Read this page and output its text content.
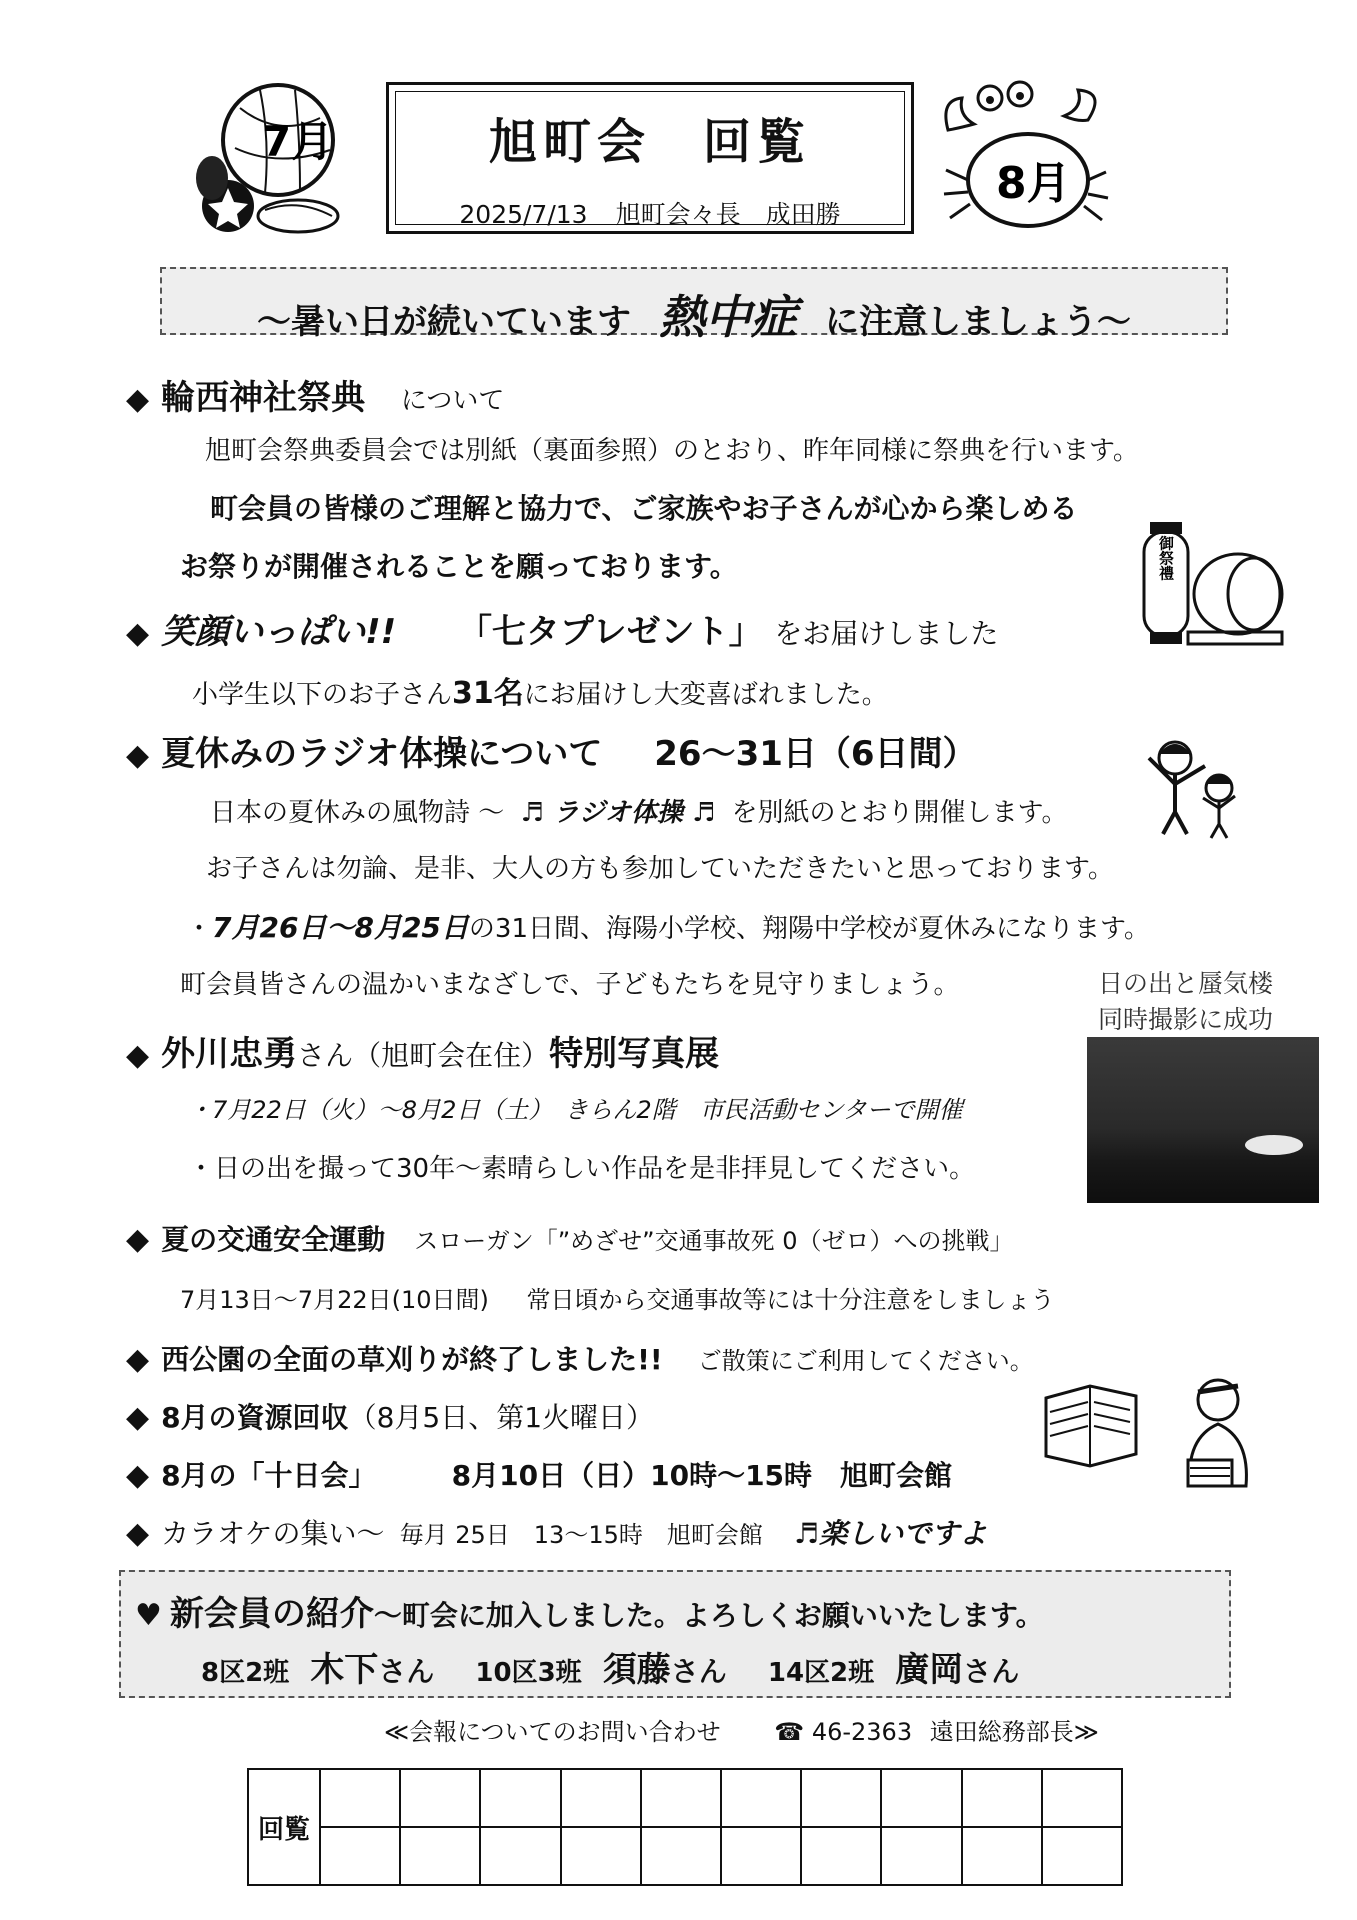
7月	旭町会 回覧
2025/7/13 旭町会々長　成田勝
8月
～暑い日が続いています 熱中症 に注意しましょう～
◆ 輪西神社祭典 について
旭町会祭典委員会では別紙（裏面参照）のとおり、昨年同様に祭典を行います。
町会員の皆様のご理解と協力で、ご家族やお子さんが心から楽しめる
お祭りが開催されることを願っております。	御祭禮
◆ 笑顔いっぱい!! 「七タプレゼント」 をお届けしました
小学生以下のお子さん31名にお届けし大変喜ばれました。
◆ 夏休みのラジオ体操について 26～31日（6日間）
日本の夏休みの風物詩 ～ ♬ ラジオ体操 ♬ を別紙のとおり開催します。
お子さんは勿論、是非、大人の方も参加していただきたいと思っております。
・7月26日～8月25日の31日間、海陽小学校、翔陽中学校が夏休みになります。
町会員皆さんの温かいまなざしで、子どもたちを見守りましょう。	日の出と蜃気楼
同時撮影に成功
◆ 外川忠勇さん（旭町会在住）特別写真展
・7月22日（火）～8月2日（土）　きらん2階　市民活動センターで開催
・日の出を撮って30年～素晴らしい作品を是非拝見してください。
◆ 夏の交通安全運動 スローガン「”めざせ”交通事故死 0（ゼロ）への挑戦」
7月13日～7月22日(10日間) 常日頃から交通事故等には十分注意をしましょう
◆ 西公園の全面の草刈りが終了しました!! ご散策にご利用してください。
◆ 8月の資源回収（8月5日、第1火曜日）
◆ 8月の「十日会」	8月10日（日）10時～15時　旭町会館
◆ カラオケの集い～ 毎月 25日　13～15時　旭町会館 ♬楽しいですよ
♥ 新会員の紹介～町会に加入しました。よろしくお願いいたします。
8区2班 木下さん 10区3班 須藤さん 14区2班 廣岡さん
≪会報についてのお問い合わせ ☎ 46-2363 遠田総務部長≫
回覧										
